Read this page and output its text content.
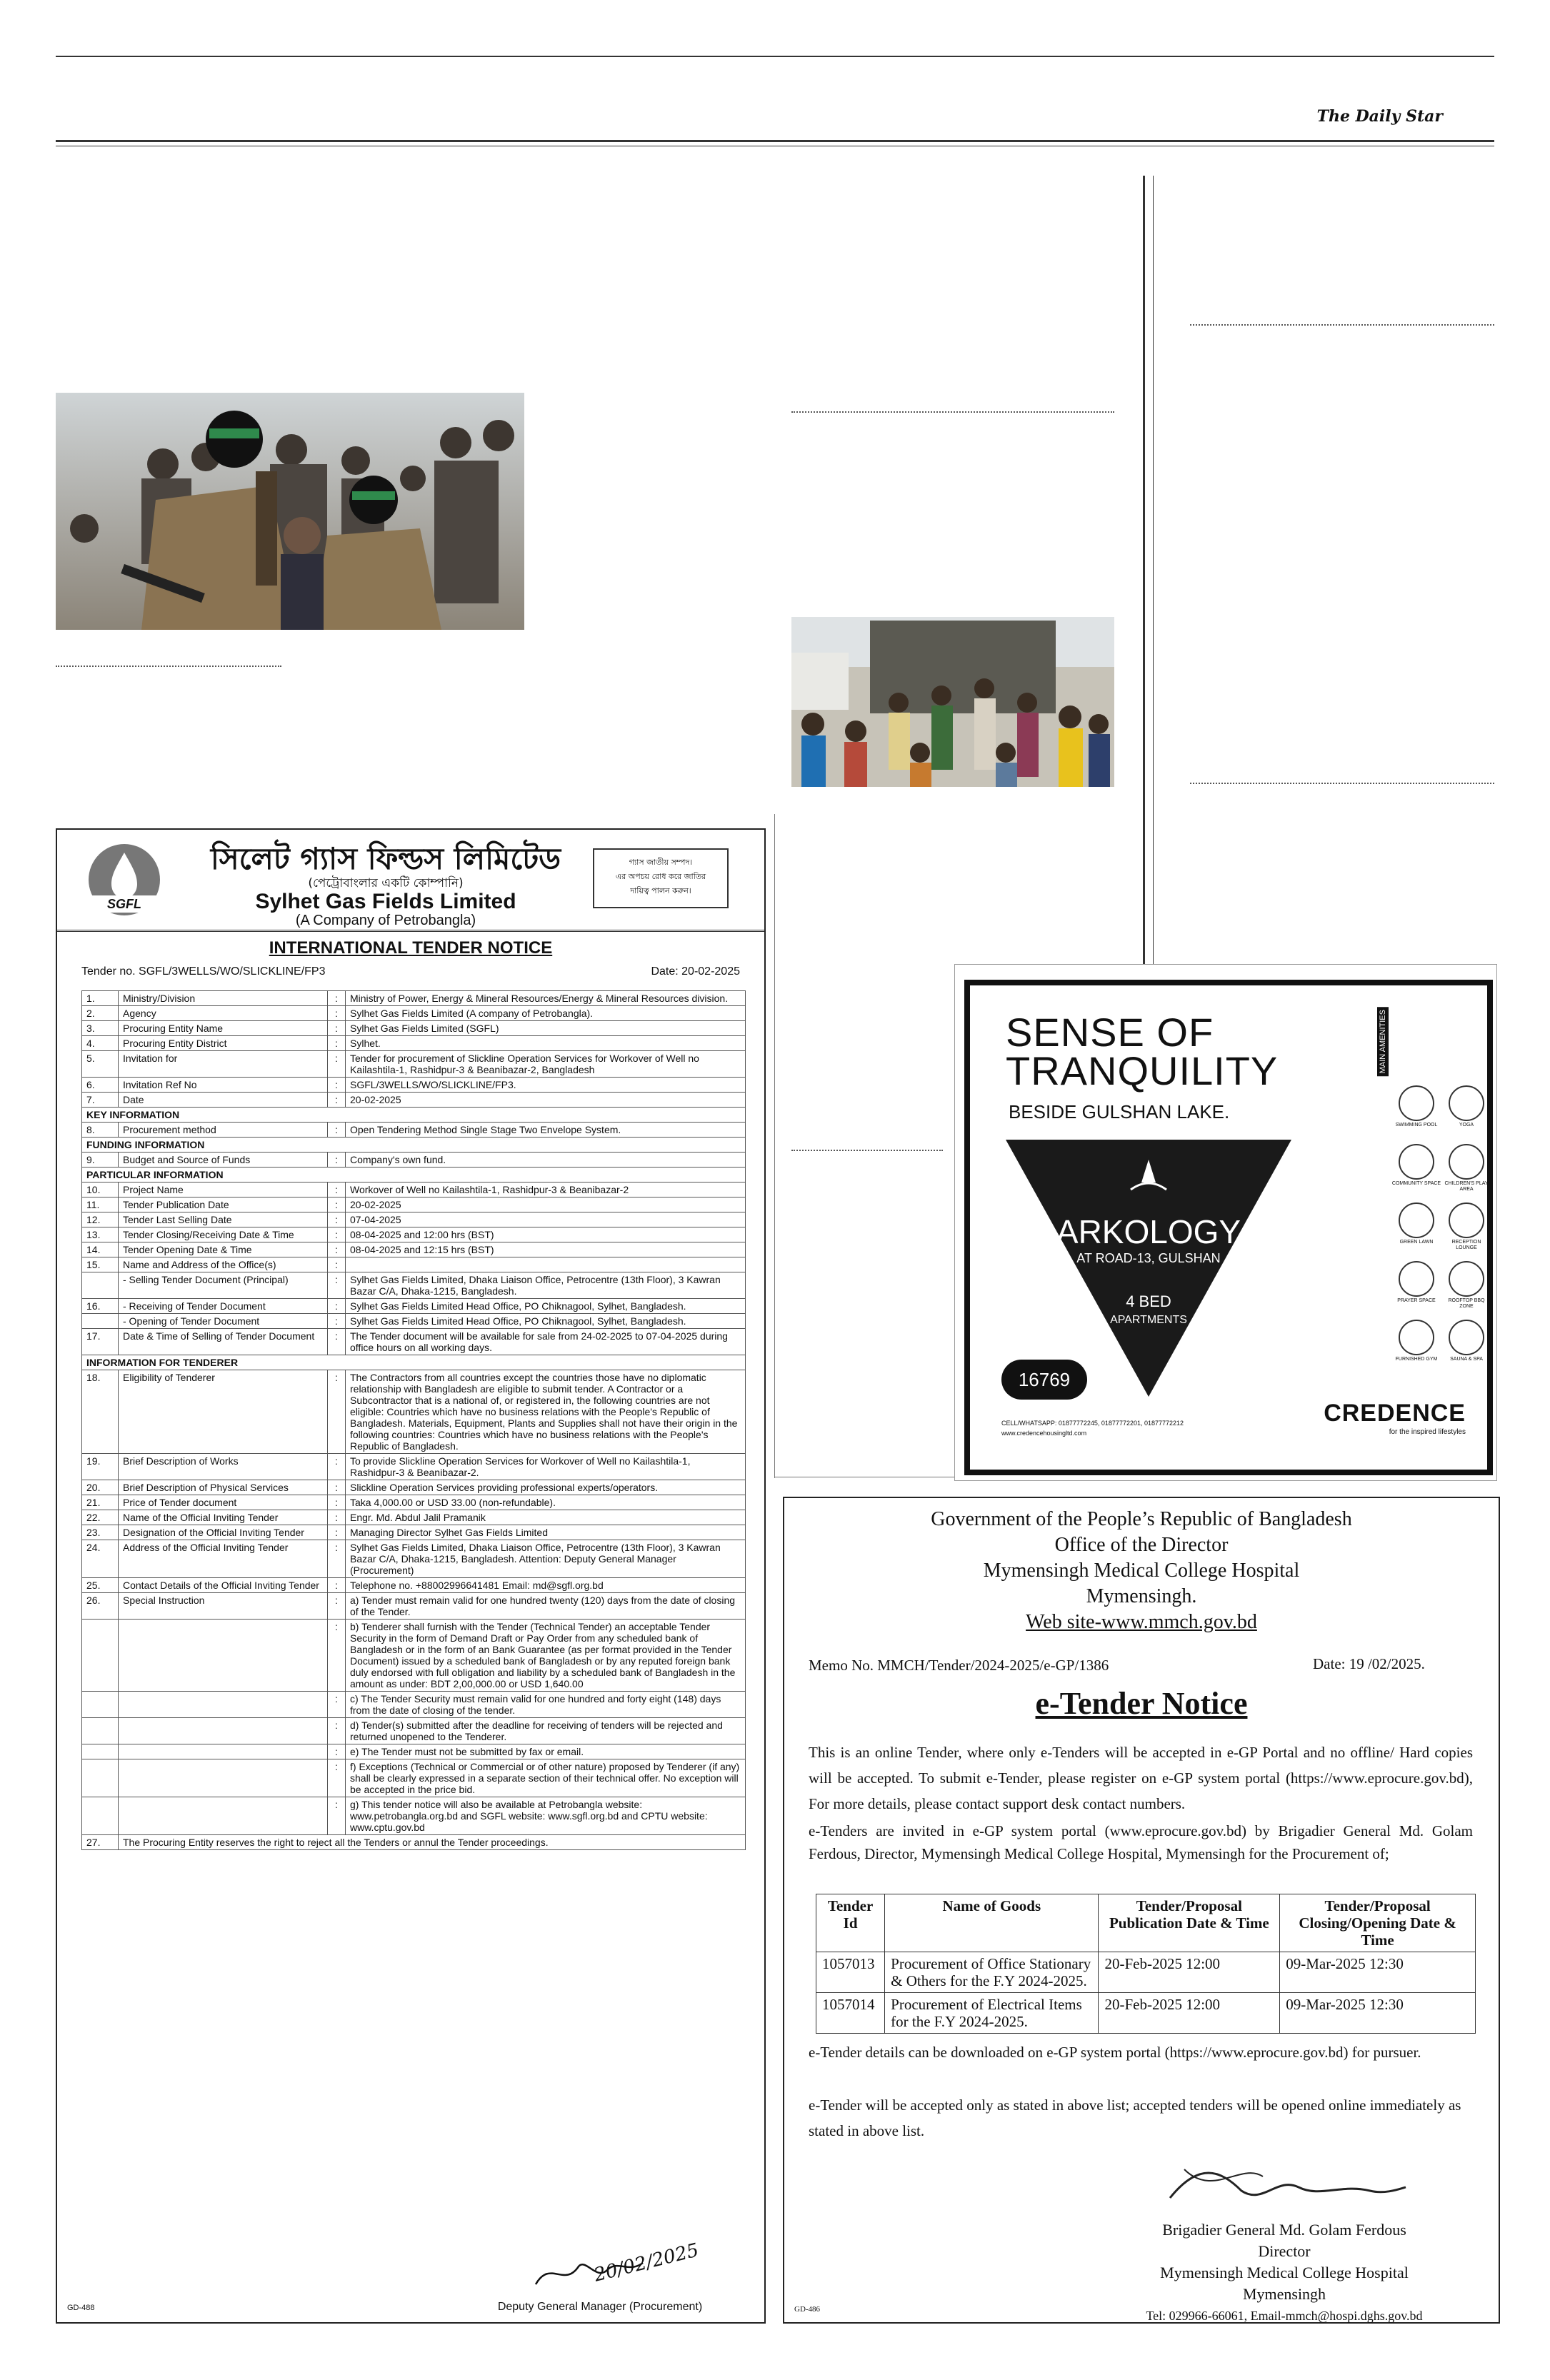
The Daily Star
SGFL
সিলেট গ্যাস ফিল্ডস লিমিটেড
(পেট্রোবাংলার একটি কোম্পানি)
Sylhet Gas Fields Limited
(A Company of Petrobangla)
গ্যাস জাতীয় সম্পদ।
এর অপচয় রোধ করে জাতির
দায়িত্ব পালন করুন।
INTERNATIONAL TENDER NOTICE
Tender no. SGFL/3WELLS/WO/SLICKLINE/FP3	Date: 20-02-2025
1.	Ministry/Division	:	Ministry of Power, Energy & Mineral Resources/Energy & Mineral Resources division.
2.	Agency	:	Sylhet Gas Fields Limited (A company of Petrobangla).
3.	Procuring Entity Name	:	Sylhet Gas Fields Limited (SGFL)
4.	Procuring Entity District	:	Sylhet.
5.	Invitation for	:	Tender for procurement of Slickline Operation Services for Workover of Well no Kailashtila-1, Rashidpur-3 & Beanibazar-2, Bangladesh
6.	Invitation Ref No	:	SGFL/3WELLS/WO/SLICKLINE/FP3.
7.	Date	:	20-02-2025
KEY INFORMATION			
8.	Procurement method	:	Open Tendering Method Single Stage Two Envelope System.
FUNDING INFORMATION			
9.	Budget and Source of Funds	:	Company's own fund.
PARTICULAR INFORMATION			
10.	Project Name	:	Workover of Well no Kailashtila-1, Rashidpur-3 & Beanibazar-2
11.	Tender Publication Date	:	20-02-2025
12.	Tender Last Selling Date	:	07-04-2025
13.	Tender Closing/Receiving Date & Time	:	08-04-2025 and 12:00 hrs (BST)
14.	Tender Opening Date & Time	:	08-04-2025 and 12:15 hrs (BST)
15.	Name and Address of the Office(s)	:	
	- Selling Tender Document (Principal)	:	Sylhet Gas Fields Limited, Dhaka Liaison Office, Petrocentre (13th Floor), 3 Kawran Bazar C/A, Dhaka-1215, Bangladesh.
16.	- Receiving of Tender Document	:	Sylhet Gas Fields Limited Head Office, PO Chiknagool, Sylhet, Bangladesh.
	- Opening of Tender Document	:	Sylhet Gas Fields Limited Head Office, PO Chiknagool, Sylhet, Bangladesh.
17.	Date & Time of Selling of Tender Document	:	The Tender document will be available for sale from 24-02-2025 to 07-04-2025 during office hours on all working days.
INFORMATION FOR TENDERER			
18.	Eligibility of Tenderer	:	The Contractors from all countries except the countries those have no diplomatic relationship with Bangladesh are eligible to submit tender. A Contractor or a Subcontractor that is a national of, or registered in, the following countries are not eligible: Countries which have no business relations with the People's Republic of Bangladesh. Materials, Equipment, Plants and Supplies shall not have their origin in the following countries: Countries which have no business relations with the People's Republic of Bangladesh.
19.	Brief Description of Works	:	To provide Slickline Operation Services for Workover of Well no Kailashtila-1, Rashidpur-3 & Beanibazar-2.
20.	Brief Description of Physical Services	:	Slickline Operation Services providing professional experts/operators.
21.	Price of Tender document	:	Taka 4,000.00 or USD 33.00 (non-refundable).
22.	Name of the Official Inviting Tender	:	Engr. Md. Abdul Jalil Pramanik
23.	Designation of the Official Inviting Tender	:	Managing Director Sylhet Gas Fields Limited
24.	Address of the Official Inviting Tender	:	Sylhet Gas Fields Limited, Dhaka Liaison Office, Petrocentre (13th Floor), 3 Kawran Bazar C/A, Dhaka-1215, Bangladesh. Attention: Deputy General Manager (Procurement)
25.	Contact Details of the Official Inviting Tender	:	Telephone no. +88002996641481 Email: md@sgfl.org.bd
26.	Special Instruction	:	a) Tender must remain valid for one hundred twenty (120) days from the date of closing of the Tender.
		:	b) Tenderer shall furnish with the Tender (Technical Tender) an acceptable Tender Security in the form of Demand Draft or Pay Order from any scheduled bank of Bangladesh or in the form of an Bank Guarantee (as per format provided in the Tender Document) issued by a scheduled bank of Bangladesh or by any reputed foreign bank duly endorsed with full obligation and liability by a scheduled bank of Bangladesh in the amount as under: BDT 2,00,000.00 or USD 1,640.00
		:	c) The Tender Security must remain valid for one hundred and forty eight (148) days from the date of closing of the tender.
		:	d) Tender(s) submitted after the deadline for receiving of tenders will be rejected and returned unopened to the Tenderer.
		:	e) The Tender must not be submitted by fax or email.
		:	f) Exceptions (Technical or Commercial or of other nature) proposed by Tenderer (if any) shall be clearly expressed in a separate section of their technical offer. No exception will be accepted in the price bid.
		:	g) This tender notice will also be available at Petrobangla website: www.petrobangla.org.bd and SGFL website: www.sgfl.org.bd and CPTU website: www.cptu.gov.bd
27.	The Procuring Entity reserves the right to reject all the Tenders or annul the Tender proceedings.		
20/02/2025
Deputy General Manager (Procurement)
GD-488
SENSE OF
TRANQUILITY
BESIDE GULSHAN LAKE.
ARKOLOGY
AT ROAD-13, GULSHAN
4 BED
APARTMENTS
16769
CELL/WHATSAPP: 01877772245, 01877772201, 01877772212
www.credencehousingltd.com
CREDENCE
for the inspired lifestyles
MAIN AMENITIES
SWIMMING POOL	YOGA
COMMUNITY SPACE CHILDREN'S PLAY AREA
GREEN LAWN	RECEPTION LOUNGE
PRAYER SPACE	ROOFTOP BBQ ZONE
FURNISHED GYM	SAUNA & SPA
Government of the People’s Republic of Bangladesh
Office of the Director
Mymensingh Medical College Hospital
Mymensingh.
Web site-www.mmch.gov.bd
Memo No. MMCH/Tender/2024-2025/e-GP/1386	Date: 19 /02/2025.
e-Tender Notice
This is an online Tender, where only e-Tenders will be accepted in e-GP Portal and no offline/ Hard copies will be accepted. To submit e-Tender, please register on e-GP system portal (https://www.eprocure.gov.bd), For more details, please contact support desk contact numbers.
e-Tenders are invited in e-GP system portal (www.eprocure.gov.bd) by Brigadier General Md. Golam Ferdous, Director, Mymensingh Medical College Hospital, Mymensingh for the Procurement of;
Tender Id	Name of Goods	Tender/Proposal Publication Date & Time	Tender/Proposal Closing/Opening Date & Time
1057013	Procurement of Office Stationary & Others for the F.Y 2024-2025.	20-Feb-2025 12:00	09-Mar-2025 12:30
1057014	Procurement of Electrical Items for the F.Y 2024-2025.	20-Feb-2025 12:00	09-Mar-2025 12:30
e-Tender details can be downloaded on e-GP system portal (https://www.eprocure.gov.bd) for pursuer.
e-Tender will be accepted only as stated in above list; accepted tenders will be opened online immediately as stated in above list.
Brigadier General Md. Golam Ferdous
Director
Mymensingh Medical College Hospital
Mymensingh
Tel: 029966-66061, Email-mmch@hospi.dghs.gov.bd
GD-486
